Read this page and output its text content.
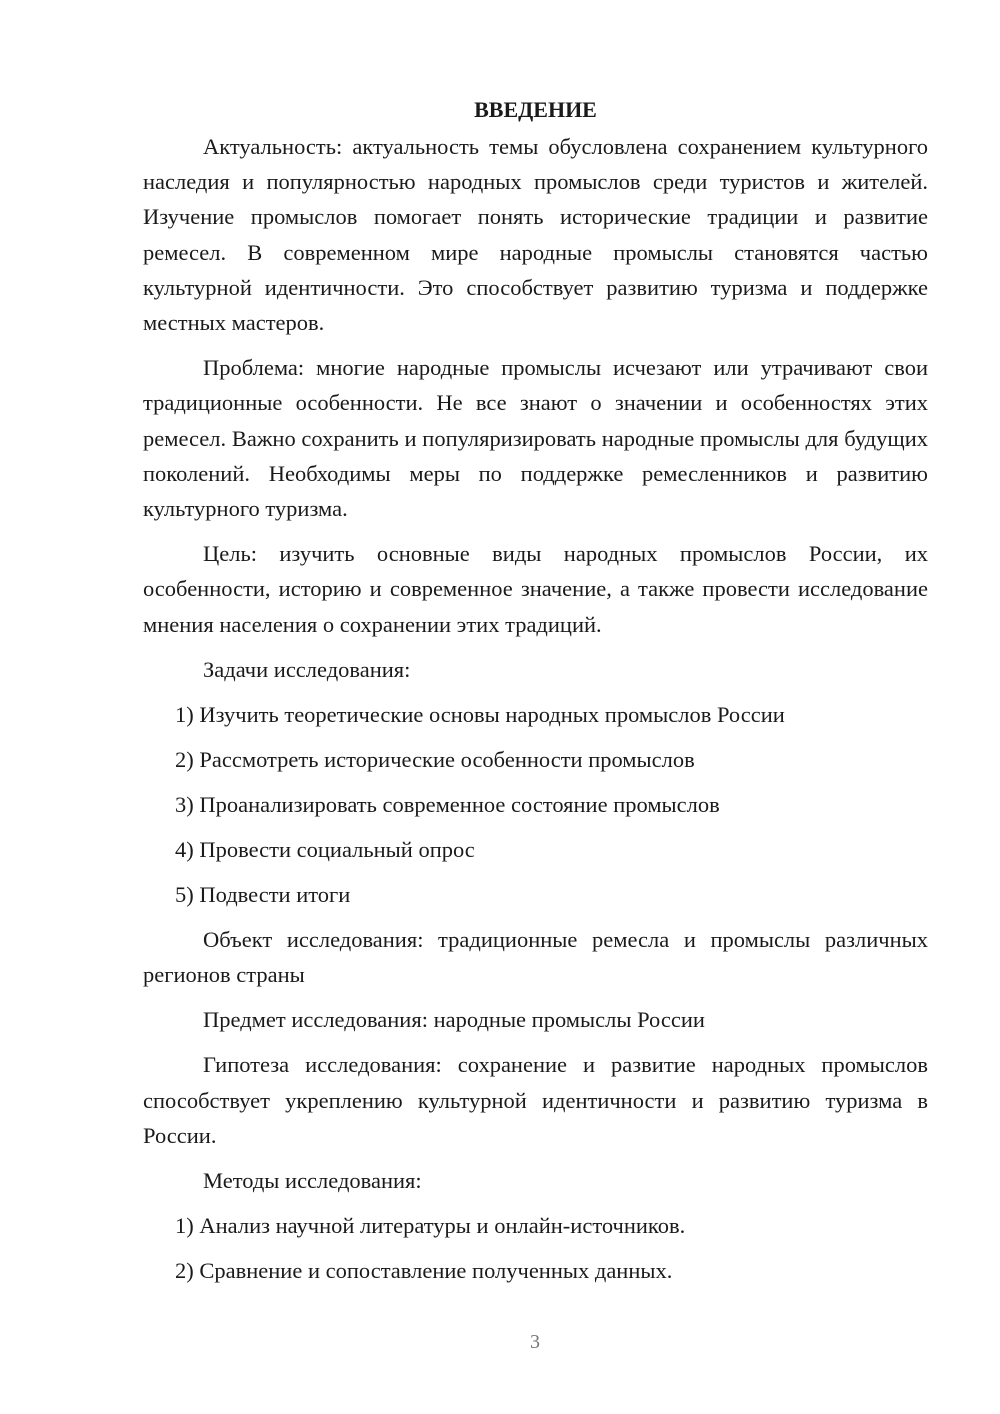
ВВЕДЕНИЕ

Актуальность: актуальность темы обусловлена сохранением культурного наследия и популярностью народных промыслов среди туристов и жителей. Изучение промыслов помогает понять исторические традиции и развитие ремесел. В современном мире народные промыслы становятся частью культурной идентичности. Это способствует развитию туризма и поддержке местных мастеров.

Проблема: многие народные промыслы исчезают или утрачивают свои традиционные особенности. Не все знают о значении и особенностях этих ремесел. Важно сохранить и популяризировать народные промыслы для будущих поколений. Необходимы меры по поддержке ремесленников и развитию культурного туризма.

Цель: изучить основные виды народных промыслов России, их особенности, историю и современное значение, а также провести исследование мнения населения о сохранении этих традиций.

Задачи исследования:
1) Изучить теоретические основы народных промыслов России
2) Рассмотреть исторические особенности промыслов
3) Проанализировать современное состояние промыслов
4) Провести социальный опрос
5) Подвести итоги

Объект исследования: традиционные ремесла и промыслы различных регионов страны

Предмет исследования: народные промыслы России

Гипотеза исследования: сохранение и развитие народных промыслов способствует укреплению культурной идентичности и развитию туризма в России.

Методы исследования:
1) Анализ научной литературы и онлайн-источников.
2) Сравнение и сопоставление полученных данных.
3
